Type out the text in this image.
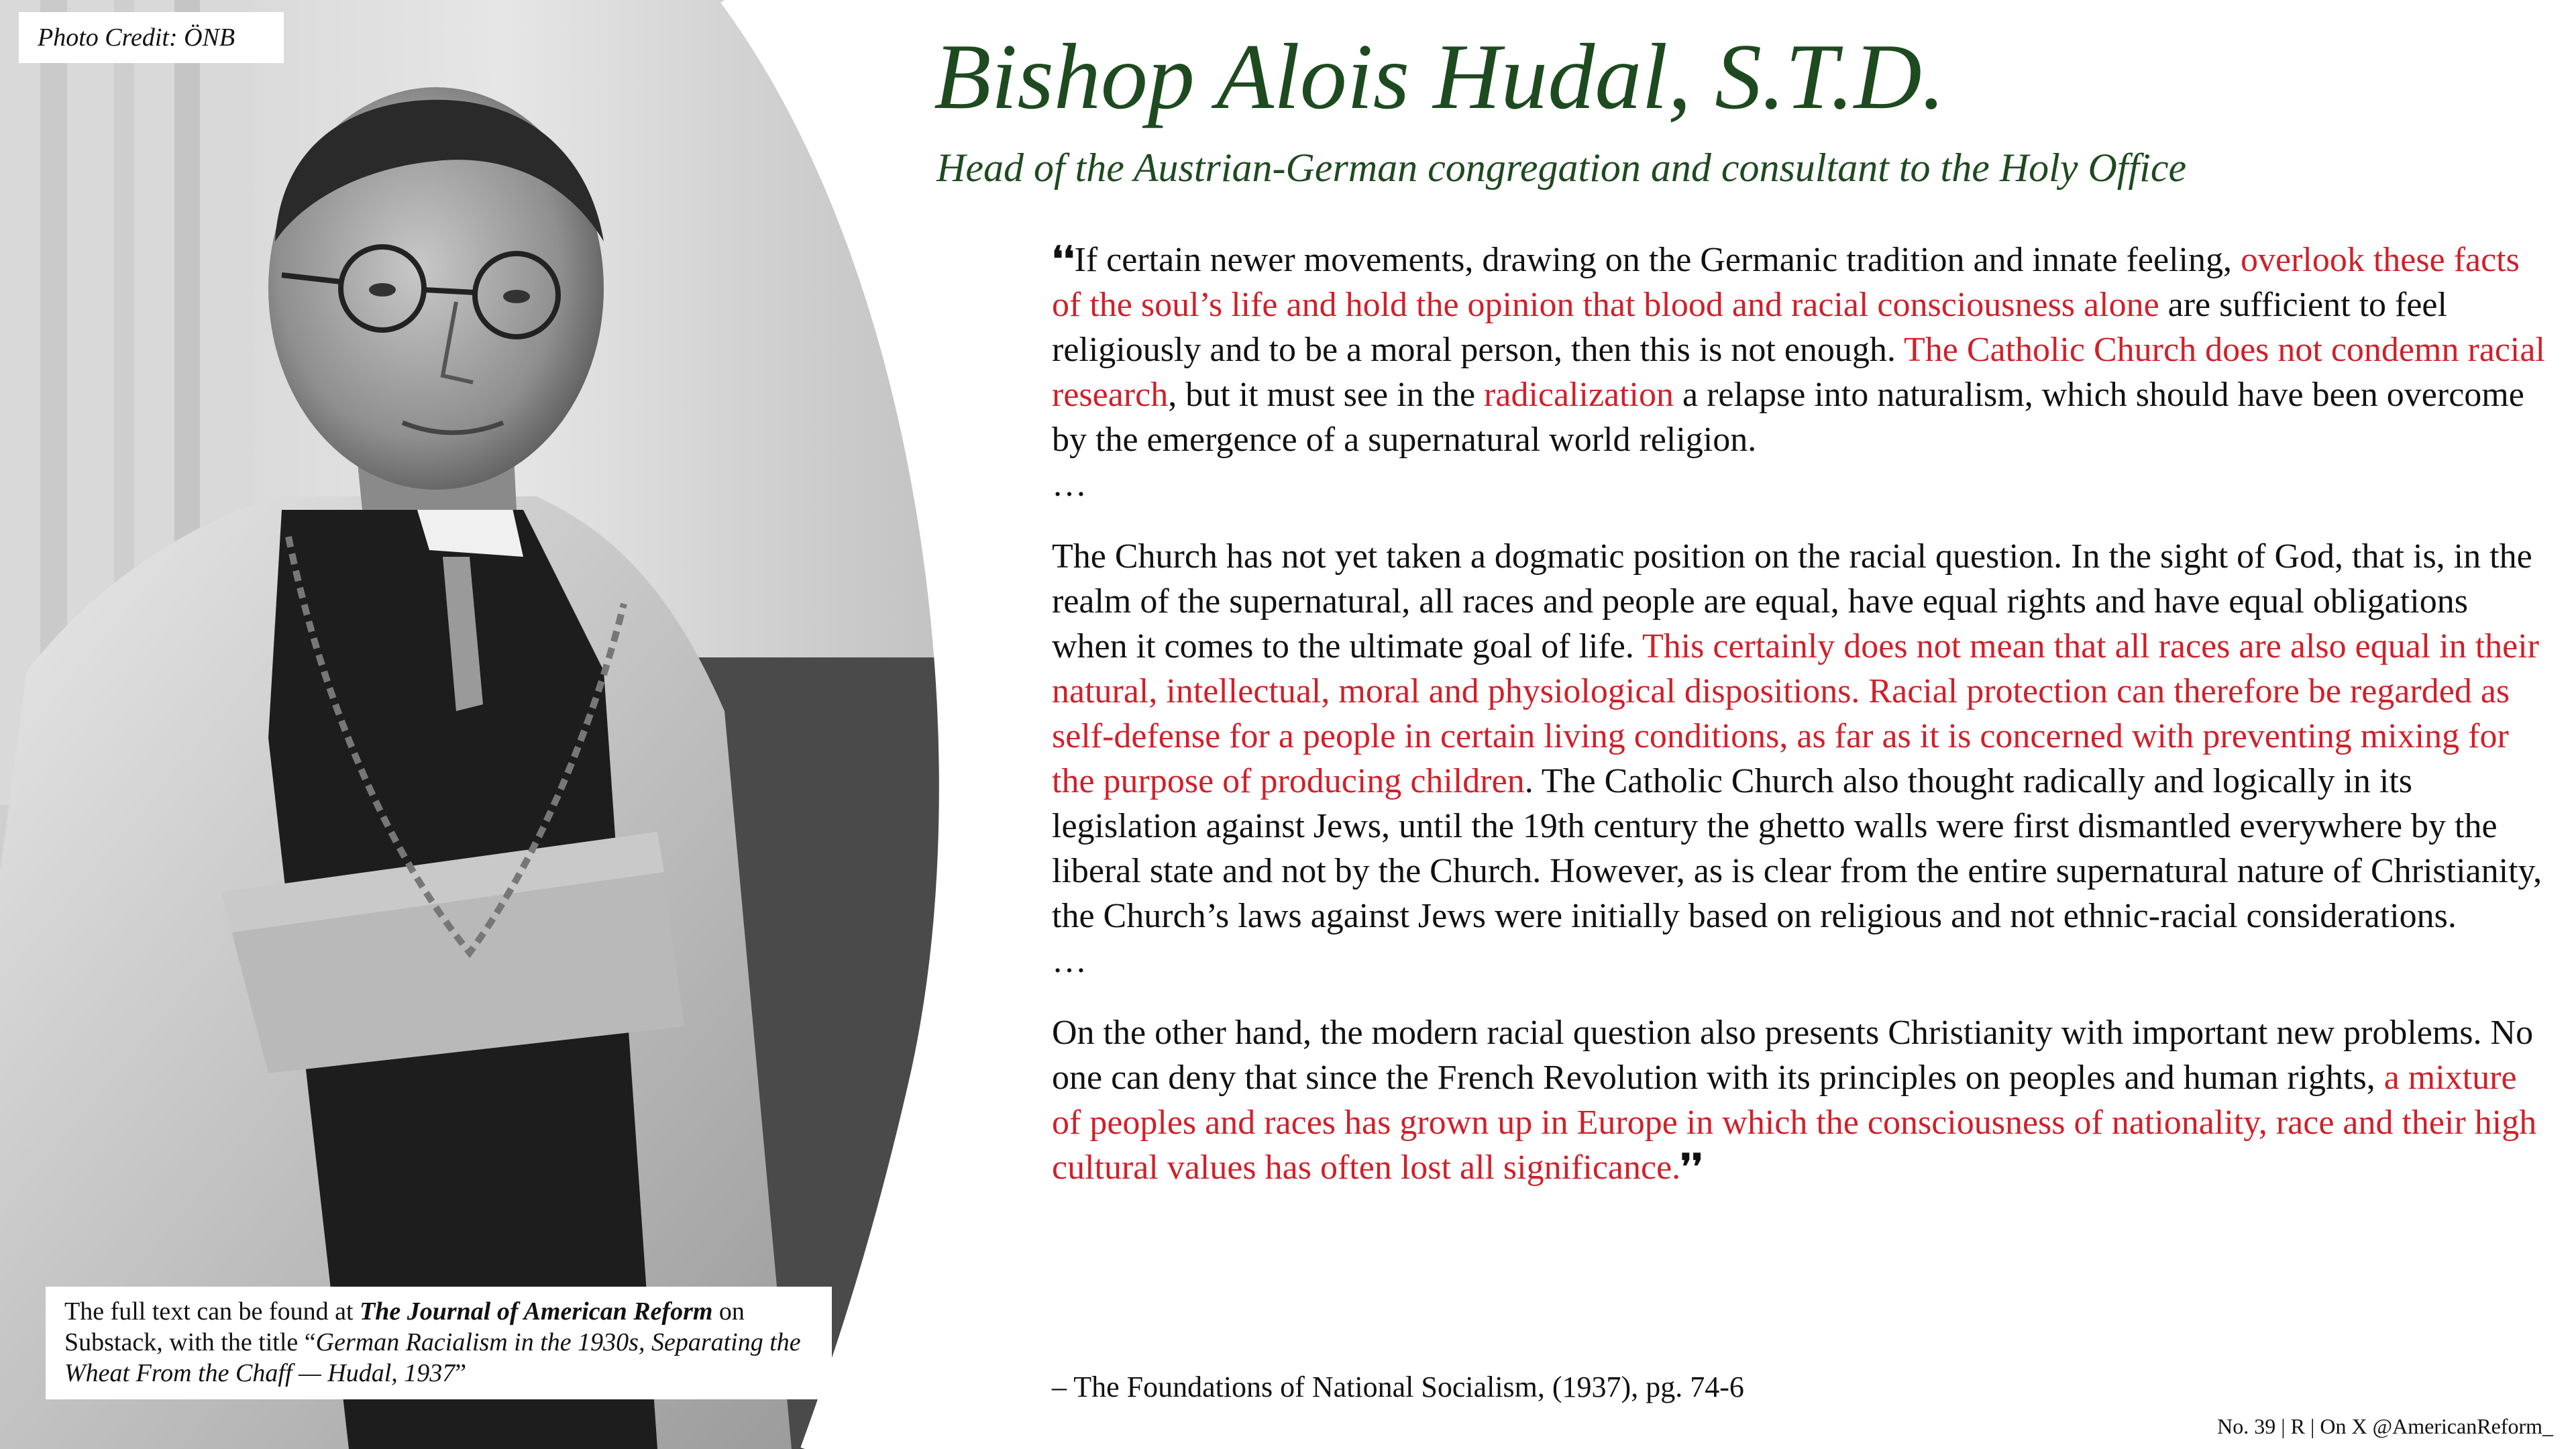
Photo Credit: ÖNB
The full text can be found at The Journal of American Reform on Substack, with the title “German Racialism in the 1930s, Separating the Wheat From the Chaff — Hudal, 1937”
Bishop Alois Hudal, S.T.D.
Head of the Austrian-German congregation and consultant to the Holy Office

❛❛If certain newer movements, drawing on the Germanic tradition and innate feeling, overlook these facts of the soul’s life and hold the opinion that blood and racial consciousness alone are sufficient to feel religiously and to be a moral person, then this is not enough. The Catholic Church does not condemn racial research, but it must see in the radicalization a relapse into naturalism, which should have been overcome by the emergence of a supernatural world religion.

…

The Church has not yet taken a dogmatic position on the racial question. In the sight of God, that is, in the realm of the supernatural, all races and people are equal, have equal rights and have equal obligations when it comes to the ultimate goal of life. This certainly does not mean that all races are also equal in their natural, intellectual, moral and physiological dispositions. Racial protection can therefore be regarded as self-defense for a people in certain living conditions, as far as it is concerned with preventing mixing for the purpose of producing children. The Catholic Church also thought radically and logically in its legislation against Jews, until the 19th century the ghetto walls were first dismantled everywhere by the liberal state and not by the Church. However, as is clear from the entire supernatural nature of Christianity, the Church’s laws against Jews were initially based on religious and not ethnic-racial considerations.

…

On the other hand, the modern racial question also presents Christianity with important new problems. No one can deny that since the French Revolution with its principles on peoples and human rights, a mixture of peoples and races has grown up in Europe in which the consciousness of nationality, race and their high cultural values has often lost all significance.❜❜

– The Foundations of National Socialism, (1937), pg. 74-6
No. 39 | R | On X @AmericanReform_
